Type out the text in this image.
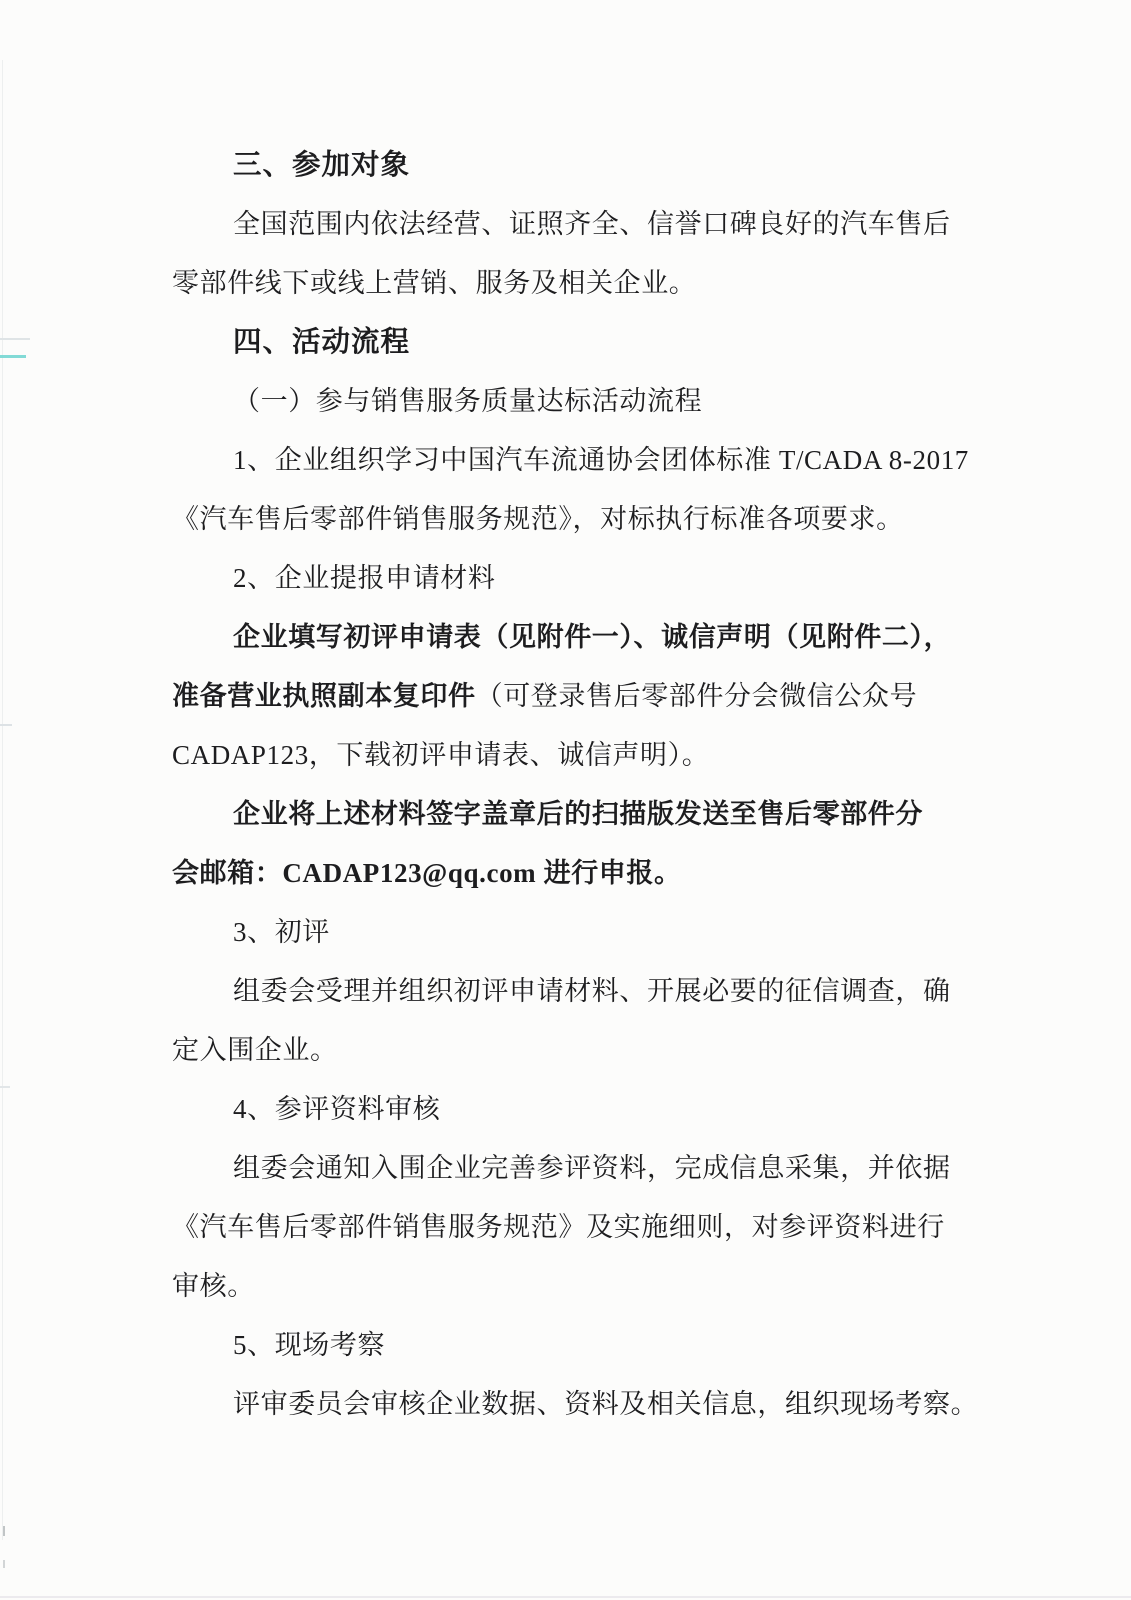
三、参加对象
全国范围内依法经营、证照齐全、信誉口碑良好的汽车售后
零部件线下或线上营销、服务及相关企业。
四、活动流程
（一）参与销售服务质量达标活动流程
1、企业组织学习中国汽车流通协会团体标准 T/CADA 8-2017
《汽车售后零部件销售服务规范》，对标执行标准各项要求。
2、企业提报申请材料
企业填写初评申请表（见附件一）、诚信声明（见附件二），
准备营业执照副本复印件（可登录售后零部件分会微信公众号
CADAP123，下载初评申请表、诚信声明）。
企业将上述材料签字盖章后的扫描版发送至售后零部件分
会邮箱：CADAP123@qq.com 进行申报。
3、初评
组委会受理并组织初评申请材料、开展必要的征信调查，确
定入围企业。
4、参评资料审核
组委会通知入围企业完善参评资料，完成信息采集，并依据
《汽车售后零部件销售服务规范》及实施细则，对参评资料进行
审核。
5、现场考察
评审委员会审核企业数据、资料及相关信息，组织现场考察。
